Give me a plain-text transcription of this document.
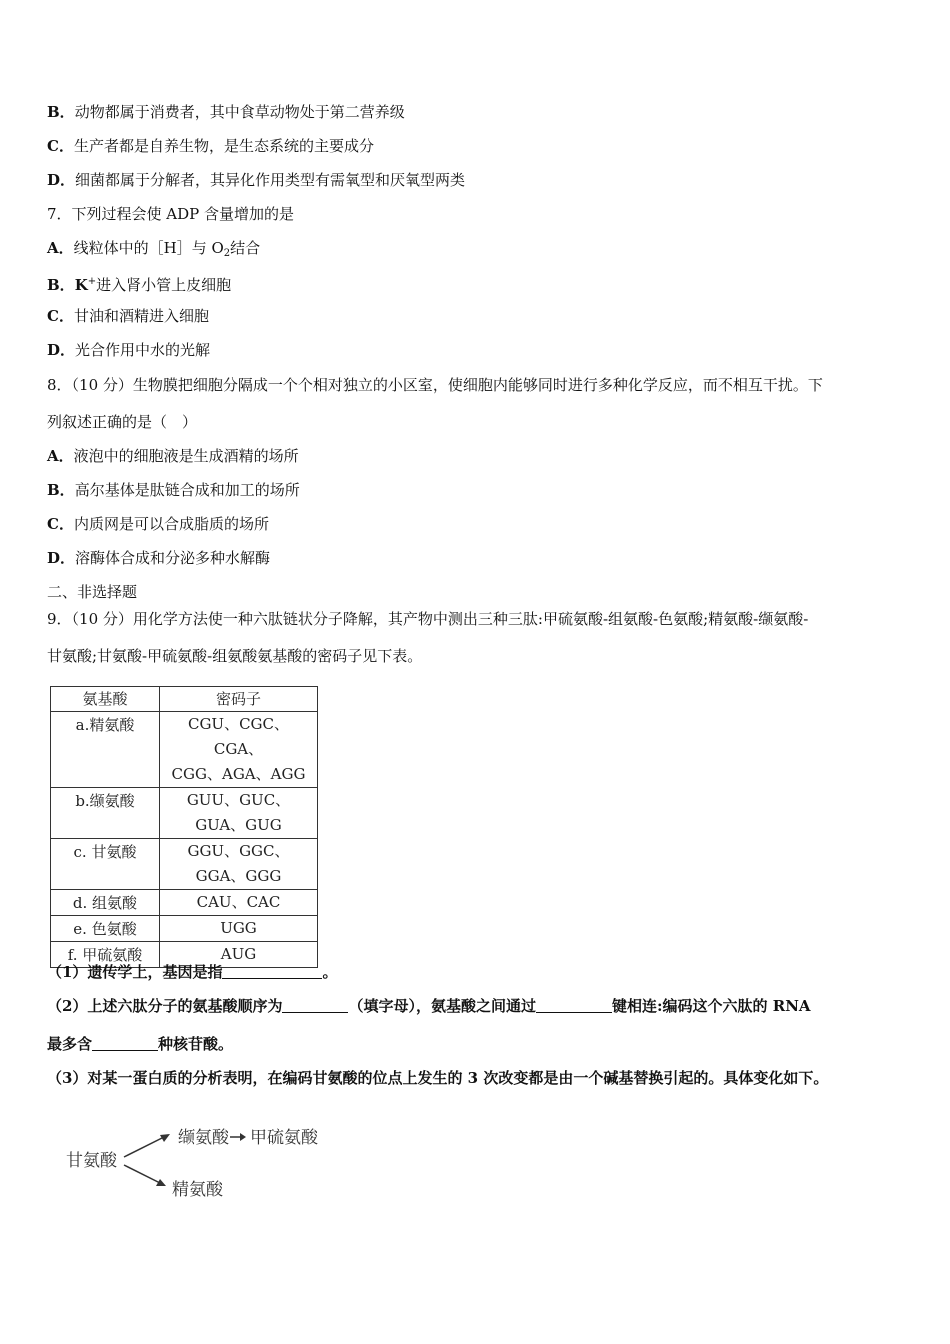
B．动物都属于消费者，其中食草动物处于第二营养级
C．生产者都是自养生物，是生态系统的主要成分
D．细菌都属于分解者，其异化作用类型有需氧型和厌氧型两类
7．下列过程会使 ADP 含量增加的是
A．线粒体中的［H］与 $O_2$结合
B．K+进入肾小管上皮细胞
C．甘油和酒精进入细胞
D．光合作用中水的光解
8．（10 分）生物膜把细胞分隔成一个个相对独立的小区室，使细胞内能够同时进行多种化学反应，而不相互干扰。下
列叙述正确的是（　）
A．液泡中的细胞液是生成酒精的场所
B．高尔基体是肽链合成和加工的场所
C．内质网是可以合成脂质的场所
D．溶酶体合成和分泌多种水解酶
二、非选择题
9．（10 分）用化学方法使一种六肽链状分子降解，其产物中测出三种三肽:甲硫氨酸-组氨酸-色氨酸;精氨酸-缬氨酸-
甘氨酸;甘氨酸-甲硫氨酸-组氨酸氨基酸的密码子见下表。
氨基酸	密码子
a.精氨酸	CGU、CGC、CGA、
CGG、AGA、AGG

b.缬氨酸	GUU、GUC、
GUA、GUG

c. 甘氨酸	GGU、GGC、
GGA、GGG

d. 组氨酸	CAU、CAC
e. 色氨酸	UGG
f. 甲硫氨酸	AUG
（1）遗传学上，基因是指	。
（2）上述六肽分子的氨基酸顺序为	（填字母），氨基酸之间通过	键相连:编码这个六肽的 RNA
最多含	种核苷酸。
（3）对某一蛋白质的分析表明，在编码甘氨酸的位点上发生的 3 次改变都是由一个碱基替换引起的。具体变化如下。
甘氨酸
缬氨酸 甲硫氨酸
精氨酸
